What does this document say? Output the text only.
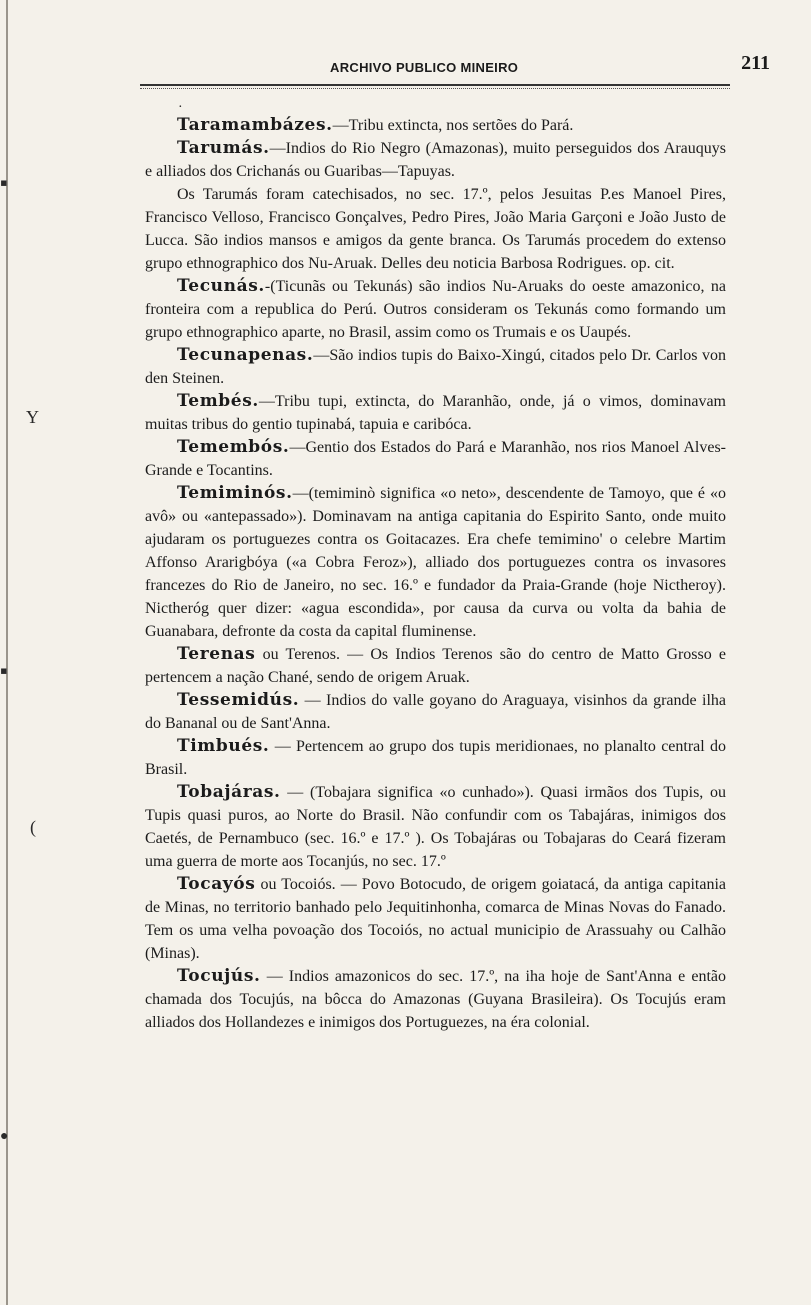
▪
Y
▪
(
●
ARCHIVO PUBLICO MINEIRO	211
·

Taramambázes.—Tribu extincta, nos sertões do Pará.

Tarumás.—Indios do Rio Negro (Amazonas), muito perseguidos dos Arauquys e alliados dos Crichanás ou Guaribas—Tapuyas.

Os Tarumás foram catechisados, no sec. 17.º, pelos Jesuitas P.es Manoel Pires, Francisco Velloso, Francisco Gonçalves, Pedro Pires, João Maria Garçoni e João Justo de Lucca. São indios mansos e amigos da gente branca. Os Tarumás procedem do extenso grupo ethnographico dos Nu-Aruak. Delles deu noticia Barbosa Rodrigues. op. cit.

Tecunás.-(Ticunãs ou Tekunás) são indios Nu-Aruaks do oeste amazonico, na fronteira com a republica do Perú. Outros consideram os Tekunás como formando um grupo ethnographico aparte, no Brasil, assim como os Trumais e os Uaupés.

Tecunapenas.—São indios tupis do Baixo-Xingú, citados pelo Dr. Carlos von den Steinen.

Tembés.—Tribu tupi, extincta, do Maranhão, onde, já o vimos, dominavam muitas tribus do gentio tupinabá, tapuia e caribóca.

Temembós.—Gentio dos Estados do Pará e Maranhão, nos rios Manoel Alves-Grande e Tocantins.

Temiminós.—(temiminò significa «o neto», descendente de Tamoyo, que é «o avô» ou «antepassado»). Dominavam na antiga capitania do Espirito Santo, onde muito ajudaram os portuguezes contra os Goitacazes. Era chefe temimino' o celebre Martim Affonso Ararigbóya («a Cobra Feroz»), alliado dos portuguezes contra os invasores francezes do Rio de Janeiro, no sec. 16.º e fundador da Praia-Grande (hoje Nictheroy). Nictheróg quer dizer: «agua escondida», por causa da curva ou volta da bahia de Guanabara, defronte da costa da capital fluminense.

Terenas ou Terenos. — Os Indios Terenos são do centro de Matto Grosso e pertencem a nação Chané, sendo de origem Aruak.

Tessemidús. — Indios do valle goyano do Araguaya, visinhos da grande ilha do Bananal ou de Sant'Anna.

Timbués. — Pertencem ao grupo dos tupis meridionaes, no planalto central do Brasil.

Tobajáras. — (Tobajara significa «o cunhado»). Quasi irmãos dos Tupis, ou Tupis quasi puros, ao Norte do Brasil. Não confundir com os Tabajáras, inimigos dos Caetés, de Pernambuco (sec. 16.º e 17.º ). Os Tobajáras ou Tobajaras do Ceará fizeram uma guerra de morte aos Tocanjús, no sec. 17.º

Tocayós ou Tocoiós. — Povo Botocudo, de origem goiatacá, da antiga capitania de Minas, no territorio banhado pelo Jequitinhonha, comarca de Minas Novas do Fanado. Tem os uma velha povoação dos Tocoiós, no actual municipio de Arassuahy ou Calhão (Minas).

Tocujús. — Indios amazonicos do sec. 17.º, na iha hoje de Sant'Anna e então chamada dos Tocujús, na bôcca do Amazonas (Guyana Brasileira). Os Tocujús eram alliados dos Hollandezes e inimigos dos Portuguezes, na éra colonial.
